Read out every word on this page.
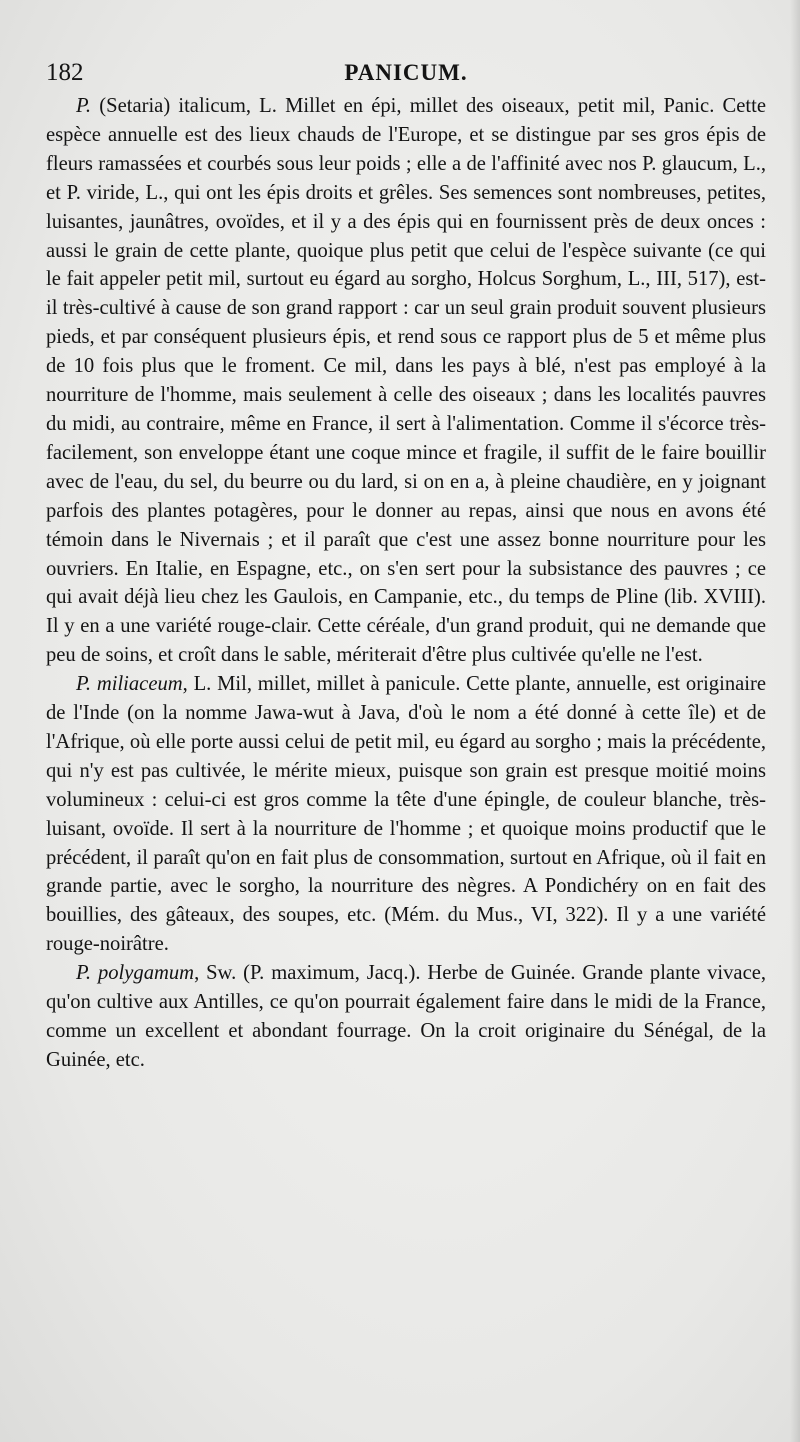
182	PANICUM.

P. (Setaria) italicum, L. Millet en épi, millet des oiseaux, petit mil, Panic. Cette espèce annuelle est des lieux chauds de l'Europe, et se distingue par ses gros épis de fleurs ramassées et courbés sous leur poids ; elle a de l'affinité avec nos P. glaucum, L., et P. viride, L., qui ont les épis droits et grêles. Ses semences sont nombreuses, petites, luisantes, jaunâtres, ovoïdes, et il y a des épis qui en fournissent près de deux onces : aussi le grain de cette plante, quoique plus petit que celui de l'espèce suivante (ce qui le fait appeler petit mil, surtout eu égard au sorgho, Holcus Sorghum, L., III, 517), est-il très-cultivé à cause de son grand rapport : car un seul grain produit souvent plusieurs pieds, et par conséquent plusieurs épis, et rend sous ce rapport plus de 5 et même plus de 10 fois plus que le froment. Ce mil, dans les pays à blé, n'est pas employé à la nourriture de l'homme, mais seulement à celle des oiseaux ; dans les localités pauvres du midi, au contraire, même en France, il sert à l'alimentation. Comme il s'écorce très-facilement, son enveloppe étant une coque mince et fragile, il suffit de le faire bouillir avec de l'eau, du sel, du beurre ou du lard, si on en a, à pleine chaudière, en y joignant parfois des plantes potagères, pour le donner au repas, ainsi que nous en avons été témoin dans le Nivernais ; et il paraît que c'est une assez bonne nourriture pour les ouvriers. En Italie, en Espagne, etc., on s'en sert pour la subsistance des pauvres ; ce qui avait déjà lieu chez les Gaulois, en Campanie, etc., du temps de Pline (lib. XVIII). Il y en a une variété rouge-clair. Cette céréale, d'un grand produit, qui ne demande que peu de soins, et croît dans le sable, mériterait d'être plus cultivée qu'elle ne l'est.

P. miliaceum, L. Mil, millet, millet à panicule. Cette plante, annuelle, est originaire de l'Inde (on la nomme Jawa-wut à Java, d'où le nom a été donné à cette île) et de l'Afrique, où elle porte aussi celui de petit mil, eu égard au sorgho ; mais la précédente, qui n'y est pas cultivée, le mérite mieux, puisque son grain est presque moitié moins volumineux : celui-ci est gros comme la tête d'une épingle, de couleur blanche, très-luisant, ovoïde. Il sert à la nourriture de l'homme ; et quoique moins productif que le précédent, il paraît qu'on en fait plus de consommation, surtout en Afrique, où il fait en grande partie, avec le sorgho, la nourriture des nègres. A Pondichéry on en fait des bouillies, des gâteaux, des soupes, etc. (Mém. du Mus., VI, 322). Il y a une variété rouge-noirâtre.

P. polygamum, Sw. (P. maximum, Jacq.). Herbe de Guinée. Grande plante vivace, qu'on cultive aux Antilles, ce qu'on pourrait également faire dans le midi de la France, comme un excellent et abondant fourrage. On la croit originaire du Sénégal, de la Guinée, etc.
